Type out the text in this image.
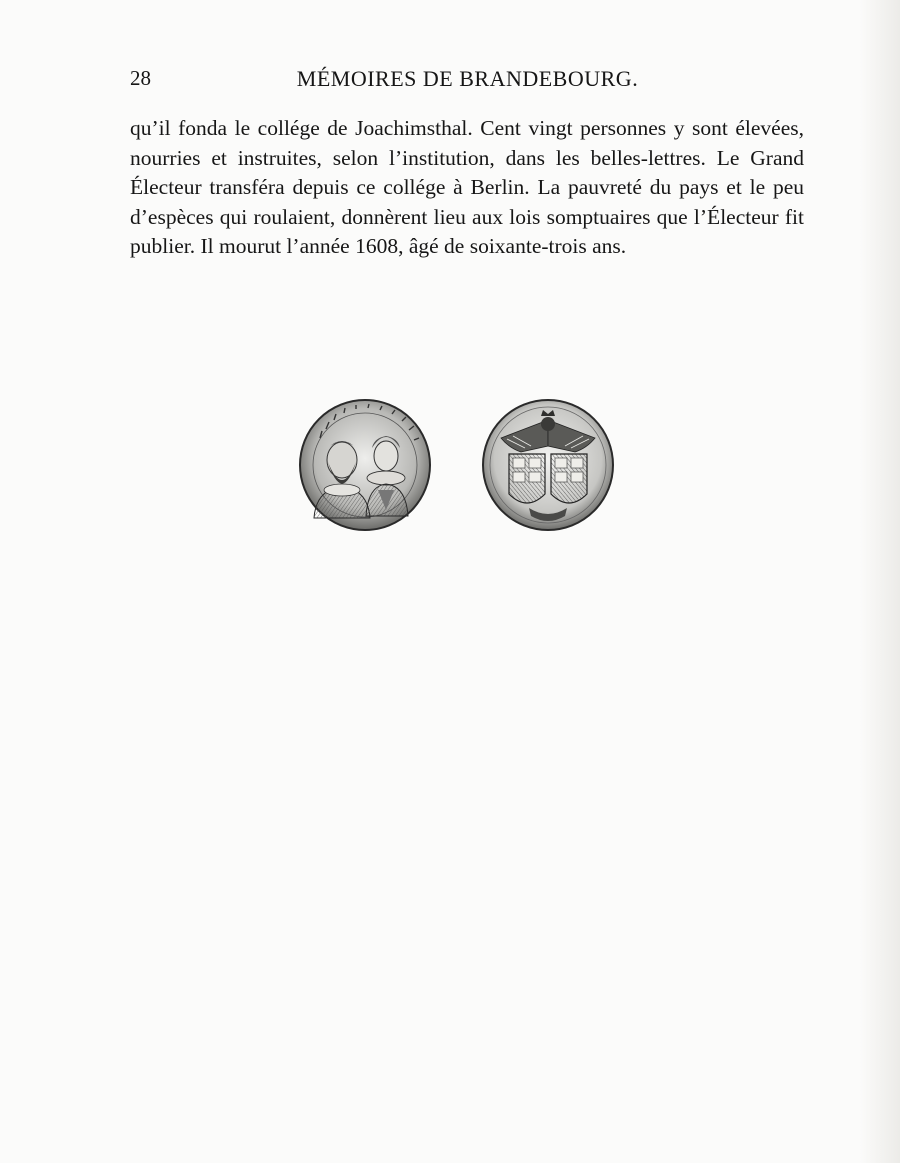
28	MÉMOIRES DE BRANDEBOURG.

qu’il fonda le collége de Joachimsthal. Cent vingt personnes y sont élevées, nourries et instruites, selon l’institution, dans les belles-lettres. Le Grand Électeur transféra depuis ce collége à Berlin. La pauvreté du pays et le peu d’espèces qui roulaient, donnèrent lieu aux lois somptuaires que l’Électeur fit publier. Il mourut l’année 1608, âgé de soixante-trois ans.
